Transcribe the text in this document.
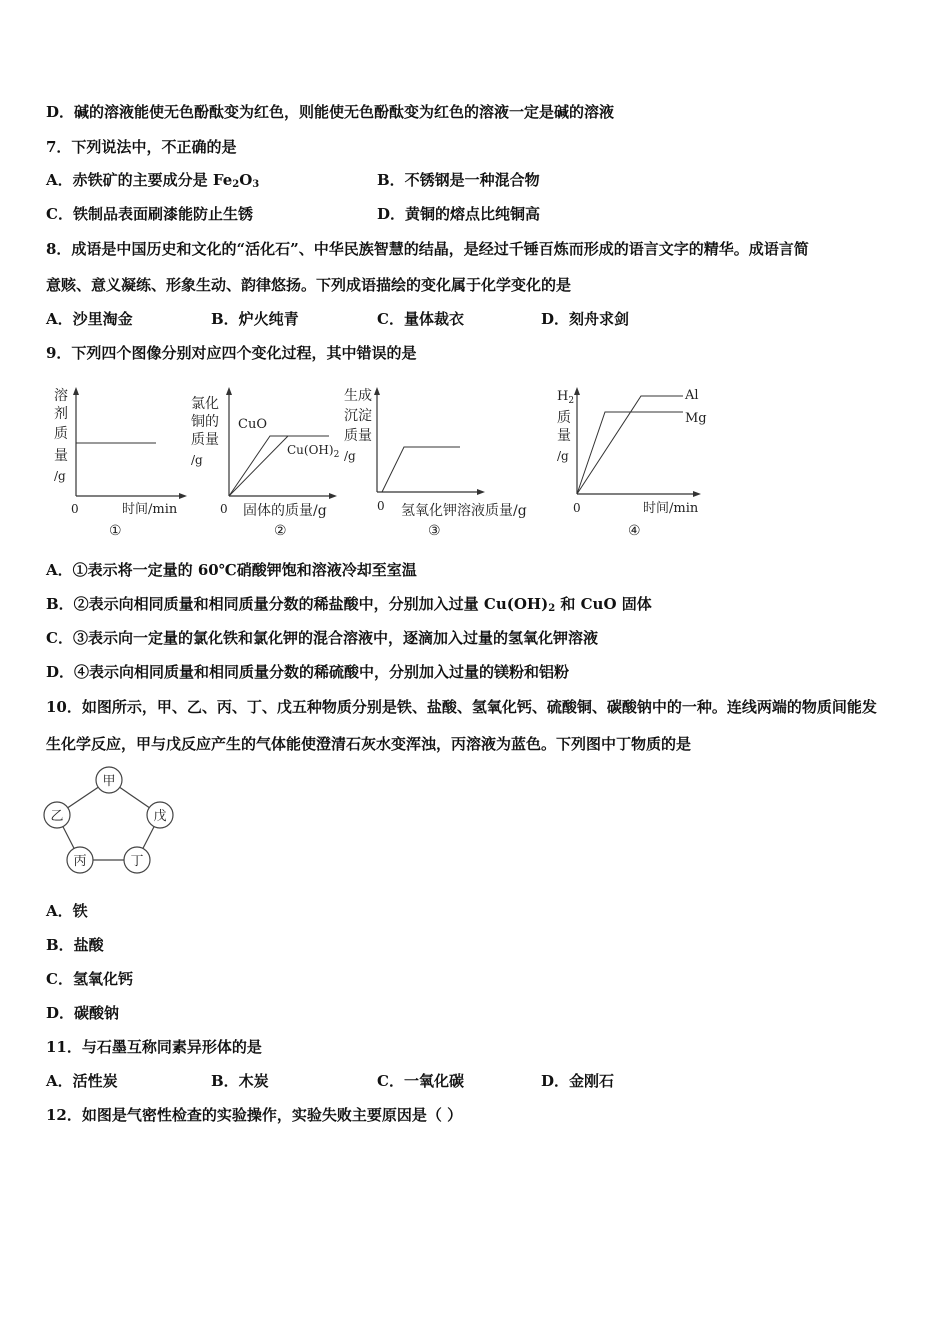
D．碱的溶液能使无色酚酞变为红色，则能使无色酚酞变为红色的溶液一定是碱的溶液
7．下列说法中，不正确的是
A．赤铁矿的主要成分是 $Fe_2O_3$	B．不锈钢是一种混合物
C．铁制品表面刷漆能防止生锈	D．黄铜的熔点比纯铜高
8．成语是中国历史和文化的“活化石”、中华民族智慧的结晶，是经过千锤百炼而形成的语言文字的精华。成语言简
意赅、意义凝练、形象生动、韵律悠扬。下列成语描绘的变化属于化学变化的是
A．沙里淘金	B．炉火纯青	C．量体裁衣	D．刻舟求剑
9．下列四个图像分别对应四个变化过程，其中错误的是
溶
剂
质
量
/g
0	时间/min
①
氯化
铜的
质量
/g
CuO
$Cu(OH)_2$
0 固体的质量/g
②
生成
沉淀
质量
/g
0 氢氧化钾溶液质量/g
③
$H_2$
质
量
/g
Al
Mg
0	时间/min
④
A．①表示将一定量的 60℃硝酸钾饱和溶液冷却至室温
B．②表示向相同质量和相同质量分数的稀盐酸中，分别加入过量 $Cu(OH)_2$ 和 CuO 固体
C．③表示向一定量的氯化铁和氯化钾的混合溶液中，逐滴加入过量的氢氧化钾溶液
D．④表示向相同质量和相同质量分数的稀硫酸中，分别加入过量的镁粉和铝粉
10．如图所示，甲、乙、丙、丁、戊五种物质分别是铁、盐酸、氢氧化钙、硫酸铜、碳酸钠中的一种。连线两端的物质间能发
生化学反应，甲与戊反应产生的气体能使澄清石灰水变浑浊，丙溶液为蓝色。下列图中丁物质的是
甲
乙	戊
丙	丁
A．铁
B．盐酸
C．氢氧化钙
D．碳酸钠
11．与石墨互称同素异形体的是
A．活性炭	B．木炭	C．一氧化碳	D．金刚石
12．如图是气密性检查的实验操作，实验失败主要原因是（ ）
